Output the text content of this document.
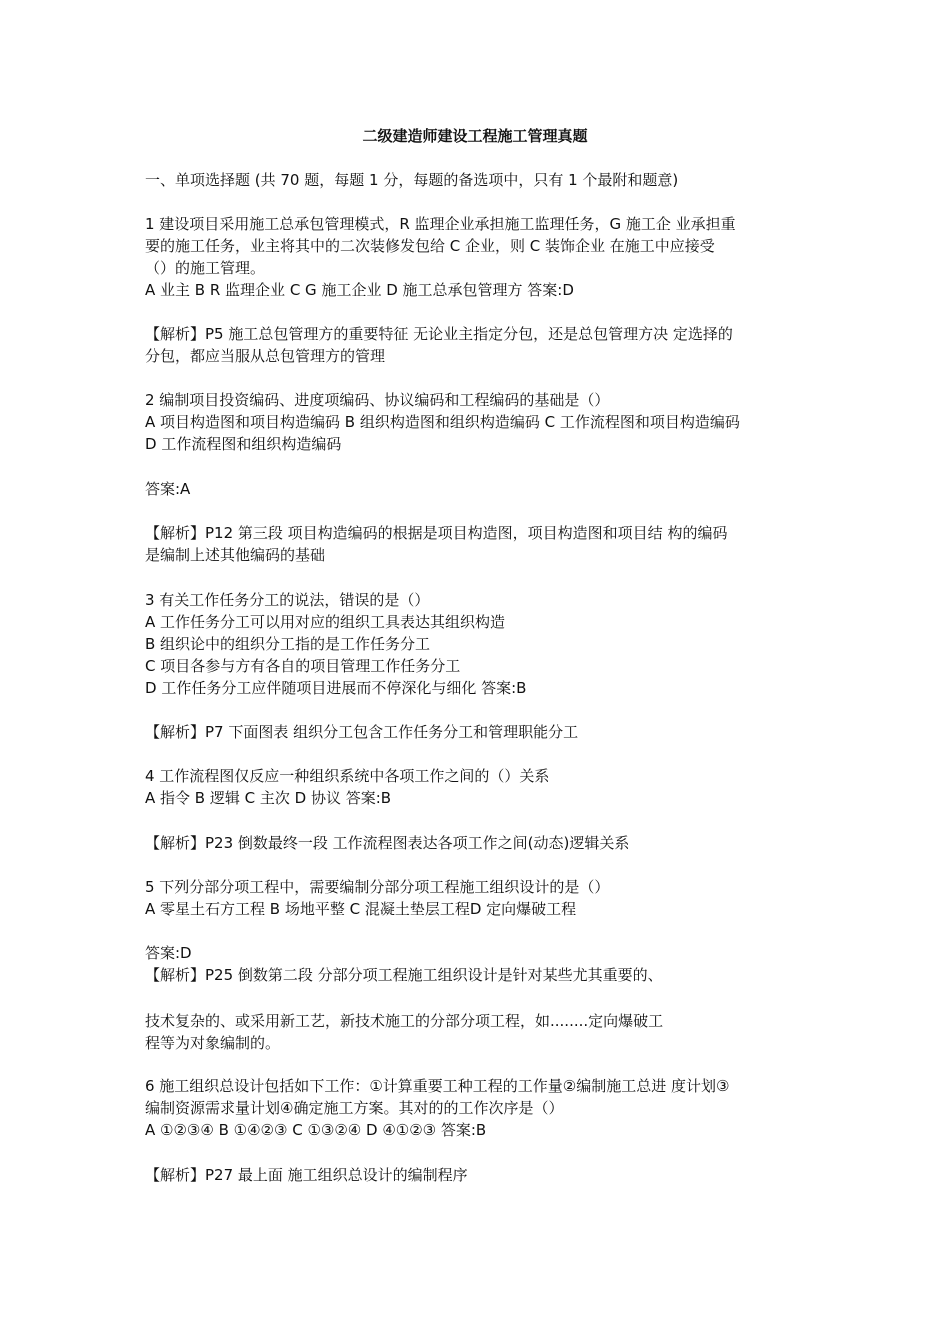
二级建造师建设工程施工管理真题
一、单项选择题 (共 70 题，每题 1 分，每题的备选项中，只有 1 个最附和题意)
1 建设项目采用施工总承包管理模式，R 监理企业承担施工监理任务，G 施工企 业承担重
要的施工任务，业主将其中的二次装修发包给 C 企业，则 C 装饰企业 在施工中应接受
（）的施工管理。
A 业主 B R 监理企业 C G 施工企业 D 施工总承包管理方 答案:D
【解析】P5 施工总包管理方的重要特征 无论业主指定分包，还是总包管理方决 定选择的
分包，都应当服从总包管理方的管理
2 编制项目投资编码、进度项编码、协议编码和工程编码的基础是（）
A 项目构造图和项目构造编码 B 组织构造图和组织构造编码 C 工作流程图和项目构造编码
D 工作流程图和组织构造编码
答案:A
【解析】P12 第三段 项目构造编码的根据是项目构造图，项目构造图和项目结 构的编码
是编制上述其他编码的基础
3 有关工作任务分工的说法，错误的是（）
A 工作任务分工可以用对应的组织工具表达其组织构造
B 组织论中的组织分工指的是工作任务分工
C 项目各参与方有各自的项目管理工作任务分工
D 工作任务分工应伴随项目进展而不停深化与细化 答案:B
【解析】P7 下面图表 组织分工包含工作任务分工和管理职能分工
4 工作流程图仅反应一种组织系统中各项工作之间的（）关系
A 指令 B 逻辑 C 主次 D 协议 答案:B
【解析】P23 倒数最终一段 工作流程图表达各项工作之间(动态)逻辑关系
5 下列分部分项工程中，需要编制分部分项工程施工组织设计的是（）
A 零星土石方工程 B 场地平整 C 混凝土垫层工程D 定向爆破工程
答案:D
【解析】P25 倒数第二段 分部分项工程施工组织设计是针对某些尤其重要的、
技术复杂的、或采用新工艺，新技术施工的分部分项工程，如........定向爆破工
程等为对象编制的。
6 施工组织总设计包括如下工作：①计算重要工种工程的工作量②编制施工总进 度计划③
编制资源需求量计划④确定施工方案。其对的的工作次序是（）
A ①②③④ B ①④②③ C ①③②④ D ④①②③ 答案:B
【解析】P27 最上面 施工组织总设计的编制程序
